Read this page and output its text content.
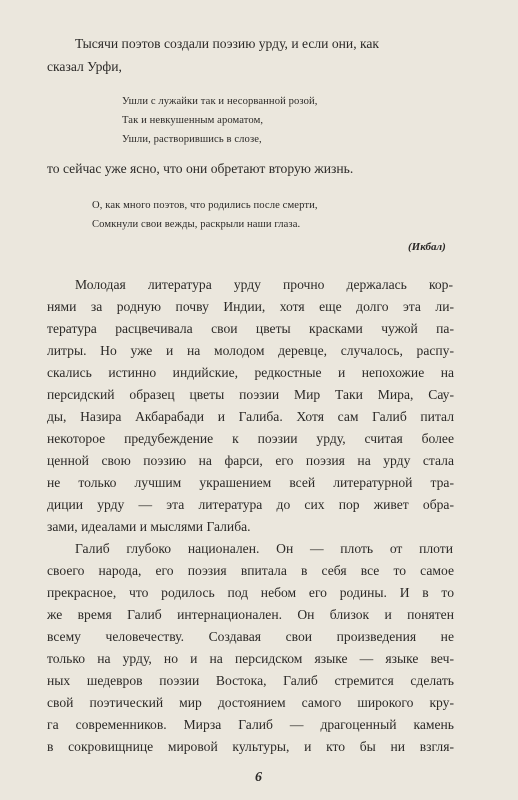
Тысячи поэтов создали поэзию урду, и если они, как
сказал Урфи,
Ушли с лужайки так и несорванной розой,
Так и невкушенным ароматом,
Ушли, растворившись в слозе,
то сейчас уже ясно, что они обретают вторую жизнь.
О, как много поэтов, что родились после смерти,
Сомкнули свои вежды, раскрыли наши глаза.
(Икбал)
Молодая литература урду прочно держалась кор-
нями за родную почву Индии, хотя еще долго эта ли-
тература расцвечивала свои цветы красками чужой па-
литры. Но уже и на молодом деревце, случалось, распу-
скались истинно индийские, редкостные и непохожие на
персидский образец цветы поэзии Мир Таки Мира, Сау-
ды, Назира Акбарабади и Галиба. Хотя сам Галиб питал
некоторое предубеждение к поэзии урду, считая более
ценной свою поэзию на фарси, его поэзия на урду стала
не только лучшим украшением всей литературной тра-
диции урду — эта литература до сих пор живет обра-
зами, идеалами и мыслями Галиба.
Галиб глубоко национален. Он — плоть от плоти
своего народа, его поэзия впитала в себя все то самое
прекрасное, что родилось под небом его родины. И в то
же время Галиб интернационален. Он близок и понятен
всему человечеству. Создавая свои произведения не
только на урду, но и на персидском языке — языке веч-
ных шедевров поэзии Востока, Галиб стремится сделать
свой поэтический мир достоянием самого широкого кру-
га современников. Мирза Галиб — драгоценный камень
в сокровищнице мировой культуры, и кто бы ни взгля-
6
